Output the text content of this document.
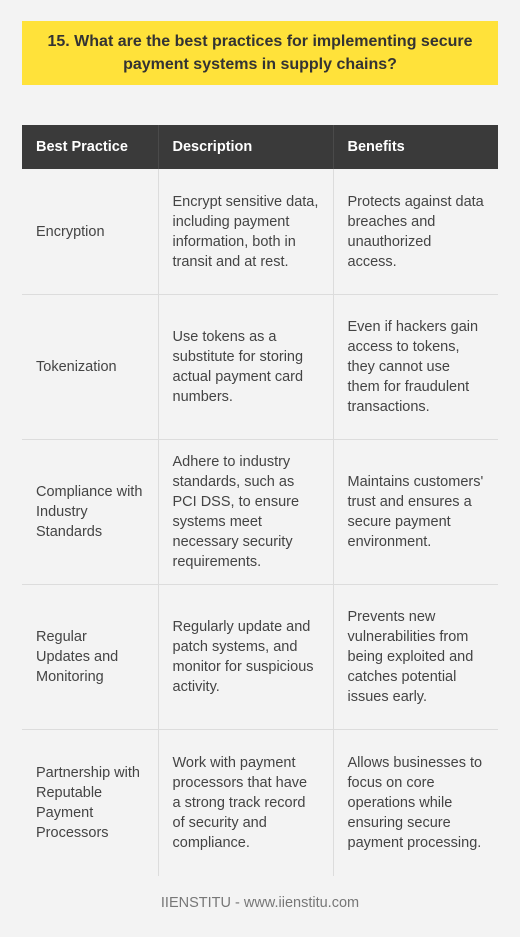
15. What are the best practices for implementing secure payment systems in supply chains?
Best Practice	Description	Benefits
Encryption	Encrypt sensitive data, including payment information, both in transit and at rest.	Protects against data breaches and unauthorized access.
Tokenization	Use tokens as a substitute for storing actual payment card numbers.	Even if hackers gain access to tokens, they cannot use them for fraudulent transactions.
Compliance with Industry Standards	Adhere to industry standards, such as PCI DSS, to ensure systems meet necessary security requirements.	Maintains customers' trust and ensures a secure payment environment.
Regular Updates and Monitoring	Regularly update and patch systems, and monitor for suspicious activity.	Prevents new vulnerabilities from being exploited and catches potential issues early.
Partnership with Reputable Payment Processors	Work with payment processors that have a strong track record of security and compliance.	Allows businesses to focus on core operations while ensuring secure payment processing.
IIENSTITU - www.iienstitu.com
